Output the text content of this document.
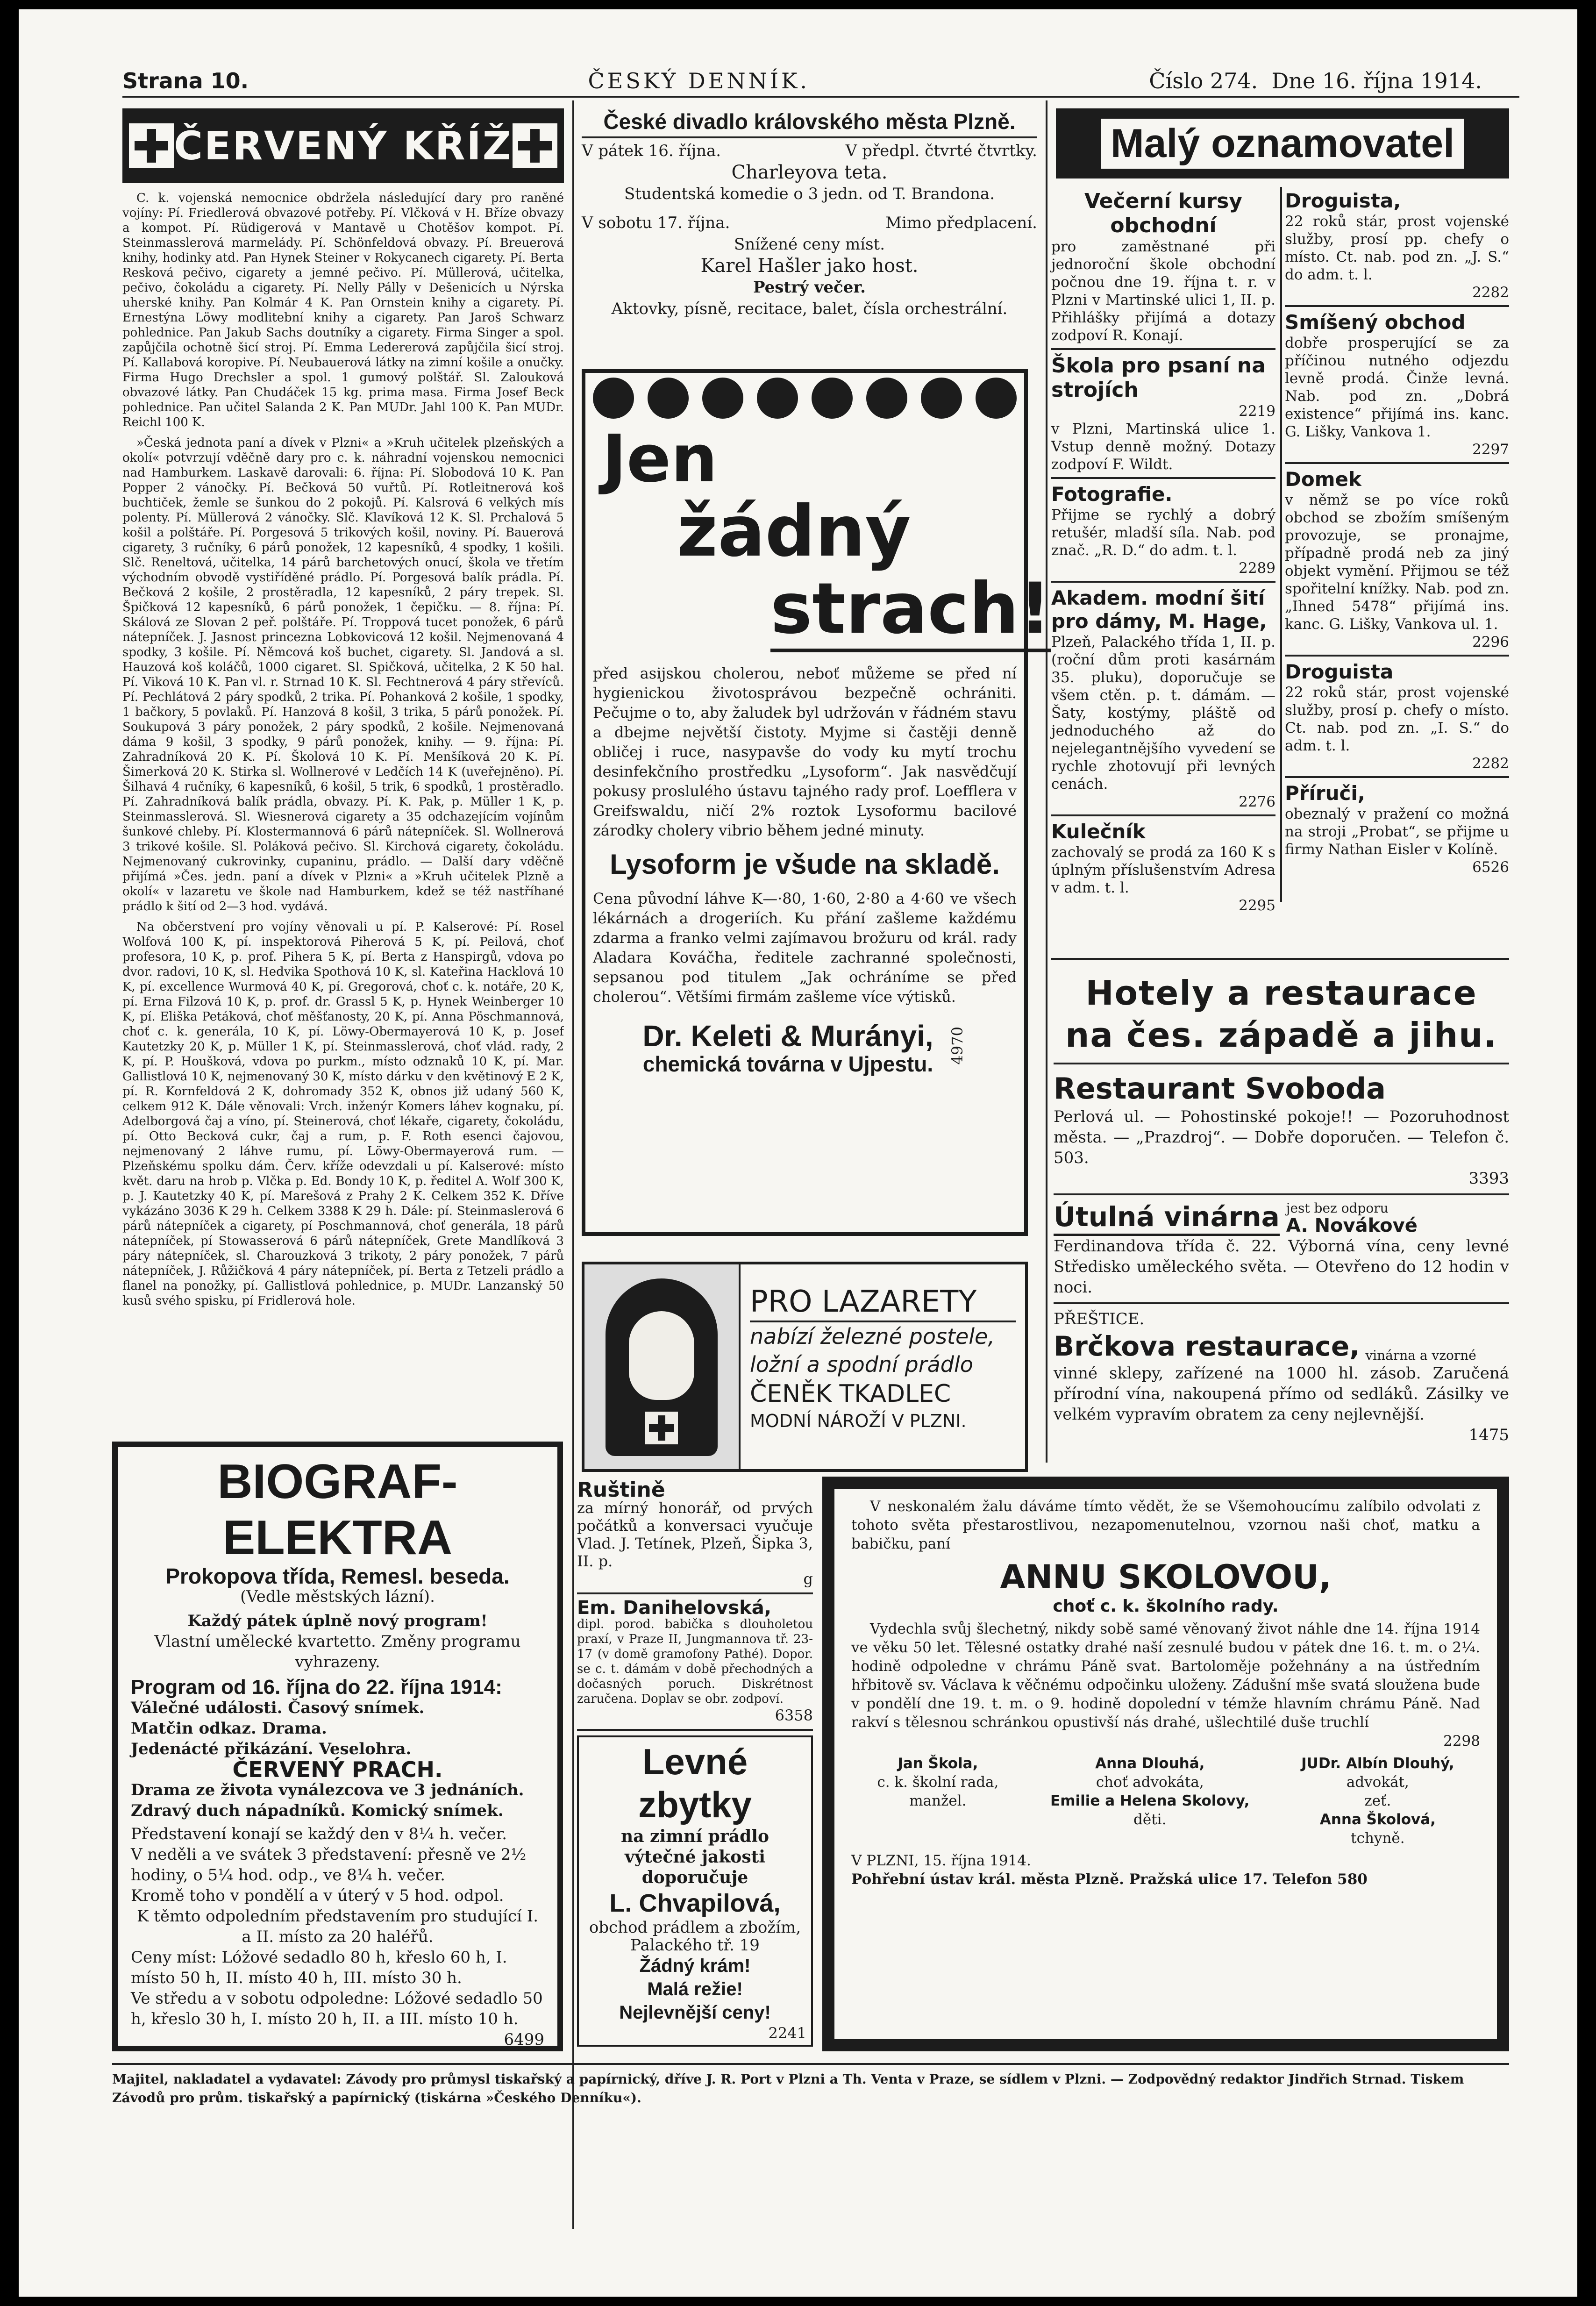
Strana 10.	ČESKÝ DENNÍK.	Číslo 274. Dne 16. října 1914.
ČERVENÝ KŘÍŽ

C. k. vojenská nemocnice obdržela následující dary pro raněné vojíny: Pí. Friedlerová obvazové potřeby. Pí. Vlčková v H. Bříze obvazy a kompot. Pí. Rüdigerová v Mantavě u Chotěšov kompot. Pí. Steinmasslerová marmelády. Pí. Schönfeldová obvazy. Pí. Breuerová knihy, hodinky atd. Pan Hynek Steiner v Rokycanech cigarety. Pí. Berta Resková pečivo, cigarety a jemné pečivo. Pí. Müllerová, učitelka, pečivo, čokoládu a cigarety. Pí. Nelly Pálly v Dešenicích u Nýrska uherské knihy. Pan Kolmár 4 K. Pan Ornstein knihy a cigarety. Pí. Ernestýna Löwy modlitební knihy a cigarety. Pan Jaroš Schwarz pohlednice. Pan Jakub Sachs doutníky a cigarety. Firma Singer a spol. zapůjčila ochotně šicí stroj. Pí. Emma Ledererová zapůjčila šicí stroj. Pí. Kallabová koropive. Pí. Neubauerová látky na zimní košile a onučky. Firma Hugo Drechsler a spol. 1 gumový polštář. Sl. Zalouková obvazové látky. Pan Chudáček 15 kg. prima masa. Firma Josef Beck pohlednice. Pan učitel Salanda 2 K. Pan MUDr. Jahl 100 K. Pan MUDr. Reichl 100 K.

»Česká jednota paní a dívek v Plzni« a »Kruh učitelek plzeňských a okolí« potvrzují vděčně dary pro c. k. náhradní vojenskou nemocnici nad Hamburkem. Laskavě darovali: 6. října: Pí. Slobodová 10 K. Pan Popper 2 vánočky. Pí. Bečková 50 vuřtů. Pí. Rotleitnerová koš buchtiček, žemle se šunkou do 2 pokojů. Pí. Kalsrová 6 velkých mís polenty. Pí. Müllerová 2 vánočky. Slč. Klavíková 12 K. Sl. Prchalová 5 košil a polštáře. Pí. Porgesová 5 trikových košil, noviny. Pí. Bauerová cigarety, 3 ručníky, 6 párů ponožek, 12 kapesníků, 4 spodky, 1 košili. Slč. Reneltová, učitelka, 14 párů barchetových onucí, škola ve třetím východním obvodě vystiříděné prádlo. Pí. Porgesová balík prádla. Pí. Bečková 2 košile, 2 prostěradla, 12 kapesníků, 2 páry trepek. Sl. Špičková 12 kapesníků, 6 párů ponožek, 1 čepičku. — 8. října: Pí. Skálová ze Slovan 2 peř. polštáře. Pí. Troppová tucet ponožek, 6 párů nátepníček. J. Jasnost princezna Lobkovicová 12 košil. Nejmenovaná 4 spodky, 3 košile. Pí. Němcová koš buchet, cigarety. Sl. Jandová a sl. Hauzová koš koláčů, 1000 cigaret. Sl. Spičková, učitelka, 2 K 50 hal. Pí. Viková 10 K. Pan vl. r. Strnad 10 K. Sl. Fechtnerová 4 páry střevíců. Pí. Pechlátová 2 páry spodků, 2 trika. Pí. Pohanková 2 košile, 1 spodky, 1 bačkory, 5 povlaků. Pí. Hanzová 8 košil, 3 trika, 5 párů ponožek. Pí. Soukupová 3 páry ponožek, 2 páry spodků, 2 košile. Nejmenovaná dáma 9 košil, 3 spodky, 9 párů ponožek, knihy. — 9. října: Pí. Zahradníková 20 K. Pí. Školová 10 K. Pí. Menšíková 20 K. Pí. Šimerková 20 K. Stirka sl. Wollnerové v Ledčích 14 K (uveřejněno). Pí. Šilhavá 4 ručníky, 6 kapesníků, 6 košil, 5 trik, 6 spodků, 1 prostěradlo. Pí. Zahradníková balík prádla, obvazy. Pí. K. Pak, p. Müller 1 K, p. Steinmasslerová. Sl. Wiesnerová cigarety a 35 odchazejícím vojínům šunkové chleby. Pí. Klostermannová 6 párů nátepníček. Sl. Wollnerová 3 trikové košile. Sl. Poláková pečivo. Sl. Kirchová cigarety, čokoládu. Nejmenovaný cukrovinky, cupaninu, prádlo. — Další dary vděčně přijímá »Čes. jedn. paní a dívek v Plzni« a »Kruh učitelek Plzně a okolí« v lazaretu ve škole nad Hamburkem, kdež se též nastříhané prádlo k šití od 2—3 hod. vydává.

Na občerstvení pro vojíny věnovali u pí. P. Kalserové: Pí. Rosel Wolfová 100 K, pí. inspektorová Piherová 5 K, pí. Peilová, choť profesora, 10 K, p. prof. Pihera 5 K, pí. Berta z Hanspirgů, vdova po dvor. radovi, 10 K, sl. Hedvika Spothová 10 K, sl. Kateřina Hacklová 10 K, pí. excellence Wurmová 40 K, pí. Gregorová, choť c. k. notáře, 20 K, pí. Erna Filzová 10 K, p. prof. dr. Grassl 5 K, p. Hynek Weinberger 10 K, pí. Eliška Petáková, choť měšťanosty, 20 K, pí. Anna Pöschmannová, choť c. k. generála, 10 K, pí. Löwy-Obermayerová 10 K, p. Josef Kautetzky 20 K, p. Müller 1 K, pí. Steinmasslerová, choť vlád. rady, 2 K, pí. P. Houšková, vdova po purkm., místo odznaků 10 K, pí. Mar. Gallistlová 10 K, nejmenovaný 30 K, místo dárku v den květinový E 2 K, pí. R. Kornfeldová 2 K, dohromady 352 K, obnos již udaný 560 K, celkem 912 K. Dále věnovali: Vrch. inženýr Komers láhev kognaku, pí. Adelborgová čaj a víno, pí. Steinerová, choť lékaře, cigarety, čokoládu, pí. Otto Becková cukr, čaj a rum, p. F. Roth esenci čajovou, nejmenovaný 2 láhve rumu, pí. Löwy-Obermayerová rum. — Plzeňskému spolku dám. Červ. kříže odevzdali u pí. Kalserové: místo květ. daru na hrob p. Vlčka p. Ed. Bondy 10 K, p. ředitel A. Wolf 300 K, p. J. Kautetzky 40 K, pí. Marešová z Prahy 2 K. Celkem 352 K. Dříve vykázáno 3036 K 29 h. Celkem 3388 K 29 h. Dále: pí. Steinmaslerová 6 párů nátepníček a cigarety, pí Poschmannová, choť generála, 18 párů nátepníček, pí Stowasserová 6 párů nátepníček, Grete Mandlíková 3 páry nátepníček, sl. Charouzková 3 trikoty, 2 páry ponožek, 7 párů nátepníček, J. Růžičková 4 páry nátepníček, pí. Berta z Tetzeli prádlo a flanel na ponožky, pí. Gallistlová pohlednice, p. MUDr. Lanzanský 50 kusů svého spisku, pí Fridlerová hole.

BIOGRAF-ELEKTRA
Prokopova třída, Remesl. beseda.
(Vedle městských lázní).
Každý pátek úplně nový program!
Vlastní umělecké kvartetto. Změny programu vyhrazeny.
Program od 16. října do 22. října 1914:
Válečné události. Časový snímek.
Matčin odkaz. Drama.
Jedenácté přikázání. Veselohra.
ČERVENÝ PRACH.
Drama ze života vynálezcova ve 3 jednáních.
Zdravý duch nápadníků. Komický snímek.
Představení konají se každý den v 8¼ h. večer.
V neděli a ve svátek 3 představení: přesně ve 2½ hodiny, o 5¼ hod. odp., ve 8¼ h. večer.
Kromě toho v pondělí a v úterý v 5 hod. odpol.
K těmto odpoledním představením pro studující I. a II. místo za 20 haléřů.
Ceny míst: Lóžové sedadlo 80 h, křeslo 60 h, I. místo 50 h, II. místo 40 h, III. místo 30 h.
Ve středu a v sobotu odpoledne: Lóžové sedadlo 50 h, křeslo 30 h, I. místo 20 h, II. a III. místo 10 h.
6499
České divadlo královského města Plzně.
V pátek 16. října.	V předpl. čtvrté čtvrtky.
Charleyova teta.
Studentská komedie o 3 jedn. od T. Brandona.
V sobotu 17. října.	Mimo předplacení.
Snížené ceny míst.
Karel Hašler jako host.
Pestrý večer.
Aktovky, písně, recitace, balet, čísla orchestrální.
Jen
žádný
strach!

před asijskou cholerou, neboť můžeme se před ní hygienickou životosprávou bezpečně ochrániti. Pečujme o to, aby žaludek byl udržován v řádném stavu a dbejme největší čistoty. Myjme si častěji denně obličej i ruce, nasypavše do vody ku mytí trochu desinfekčního prostředku „Lysoform“. Jak nasvědčují pokusy proslulého ústavu tajného rady prof. Loefflera v Greifswaldu, ničí 2% roztok Lysoformu bacilové zárodky cholery vibrio během jedné minuty.

Lysoform je všude na skladě.

Cena původní láhve K—·80, 1·60, 2·80 a 4·60 ve všech lékárnách a drogeriích. Ku přání zašleme každému zdarma a franko velmi zajímavou brožuru od král. rady Aladara Kováčha, ředitele zachranné společnosti, sepsanou pod titulem „Jak ochráníme se před cholerou“. Většími firmám zašleme více výtisků.

Dr. Keleti & Murányi,
chemická továrna v Ujpestu. 4970
PRO LAZARETY
nabízí železné postele,
ložní a spodní prádlo
ČENĚK TKADLEC
MODNÍ NÁROŽÍ V PLZNI.
Ruštině
za mírný honorář, od prvých počátků a konversaci vyučuje Vlad. J. Tetínek, Plzeň, Šipka 3, II. p.
g
Em. Danihelovská,
dipl. porod. babička s dlouholetou praxí, v Praze II, Jungmannova tř. 23-17 (v domě gramofony Pathé). Dopor. se c. t. dámám v době přechodných a dočasných poruch. Diskrétnost zaručena. Doplav se obr. zodpoví.
6358
Levné zbytky
na zimní prádlo výtečné jakosti doporučuje
L. Chvapilová,
obchod prádlem a zbožím, Palackého tř. 19
Žádný krám!
Malá režie!
Nejlevnější ceny!
2241
Malý oznamovatel
Večerní kursy obchodní
pro zaměstnané při jednoroční škole obchodní počnou dne 19. října t. r. v Plzni v Martinské ulici 1, II. p. Přihlášky přijímá a dotazy zodpoví R. Konají.
Škola pro psaní na strojích
2219
v Plzni, Martinská ulice 1. Vstup denně možný. Dotazy zodpoví F. Wildt.
Fotografie.
Přijme se rychlý a dobrý retušér, mladší síla. Nab. pod znač. „R. D.“ do adm. t. l.
2289
Akadem. modní šití pro dámy, M. Hage,
Plzeň, Palackého třída 1, II. p. (roční dům proti kasárnám 35. pluku), doporučuje se všem ctěn. p. t. dámám. — Šaty, kostýmy, pláště od jednoduchého až do nejelegantnějšího vyvedení se rychle zhotovují při levných cenách.
2276
Kulečník
zachovalý se prodá za 160 K s úplným příslušenstvím Adresa v adm. t. l.
2295
Droguista,
22 roků stár, prost vojenské služby, prosí pp. chefy o místo. Ct. nab. pod zn. „J. S.“ do adm. t. l.
2282
Smíšený obchod
dobře prosperující se za příčinou nutného odjezdu levně prodá. Činže levná. Nab. pod zn. „Dobrá existence“ přijímá ins. kanc. G. Lišky, Vankova 1.
2297
Domek
v němž se po více roků obchod se zbožím smíšeným provozuje, se pronajme, případně prodá neb za jiný objekt vymění. Přijmou se též spořitelní knížky. Nab. pod zn. „Ihned 5478“ přijímá ins. kanc. G. Lišky, Vankova ul. 1.
2296
Droguista
22 roků stár, prost vojenské služby, prosí p. chefy o místo. Ct. nab. pod zn. „I. S.“ do adm. t. l.
2282
Příruči,
obeznalý v pražení co možná na stroji „Probat“, se přijme u firmy Nathan Eisler v Kolíně.
6526
Hotely a restaurace
na čes. západě a jihu.
Restaurant Svoboda
Perlová ul. — Pohostinské pokoje!! — Pozoruhodnost města. — „Prazdroj“. — Dobře doporučen. — Telefon č. 503.
3393
Útulná vinárna jest bez odporu
A. Novákové
Ferdinandova třída č. 22. Výborná vína, ceny levné Středisko uměleckého světa. — Otevřeno do 12 hodin v noci.
PŘEŠTICE.
Brčkova restaurace, vinárna a vzorné
vinné sklepy, zařízené na 1000 hl. zásob. Zaručená přírodní vína, nakoupená přímo od sedláků. Zásilky ve velkém vypravím obratem za ceny nejlevnější.
1475

V neskonalém žalu dáváme tímto vědět, že se Všemohoucímu zalíbilo odvolati z tohoto světa přestarostlivou, nezapomenutelnou, vzornou naši choť, matku a babičku, paní

ANNU SKOLOVOU,
choť c. k. školního rady.

Vydechla svůj šlechetný, nikdy sobě samé věnovaný život náhle dne 14. října 1914 ve věku 50 let. Tělesné ostatky drahé naší zesnulé budou v pátek dne 16. t. m. o 2¼. hodině odpoledne v chrámu Páně svat. Bartoloměje požehnány a na ústředním hřbitově sv. Václava k věčnému odpočinku uloženy. Zádušní mše svatá sloužena bude v pondělí dne 19. t. m. o 9. hodině dopolední v témže hlavním chrámu Páně. Nad rakví s tělesnou schránkou opustivší nás drahé, ušlechtilé duše truchlí

2298
Jan Škola,
c. k. školní rada,
manžel.
Anna Dlouhá,
choť advokáta,
Emilie a Helena Skolovy,
děti.
JUDr. Albín Dlouhý,
advokát,
zeť.
Anna Školová,
tchyně.
V PLZNI, 15. října 1914.
Pohřební ústav král. města Plzně. Pražská ulice 17. Telefon 580
Majitel, nakladatel a vydavatel: Závody pro průmysl tiskařský a papírnický, dříve J. R. Port v Plzni a Th. Venta v Praze, se sídlem v Plzni. — Zodpovědný redaktor Jindřich Strnad. Tiskem Závodů pro prům. tiskařský a papírnický (tiskárna »Českého Denníku«).
